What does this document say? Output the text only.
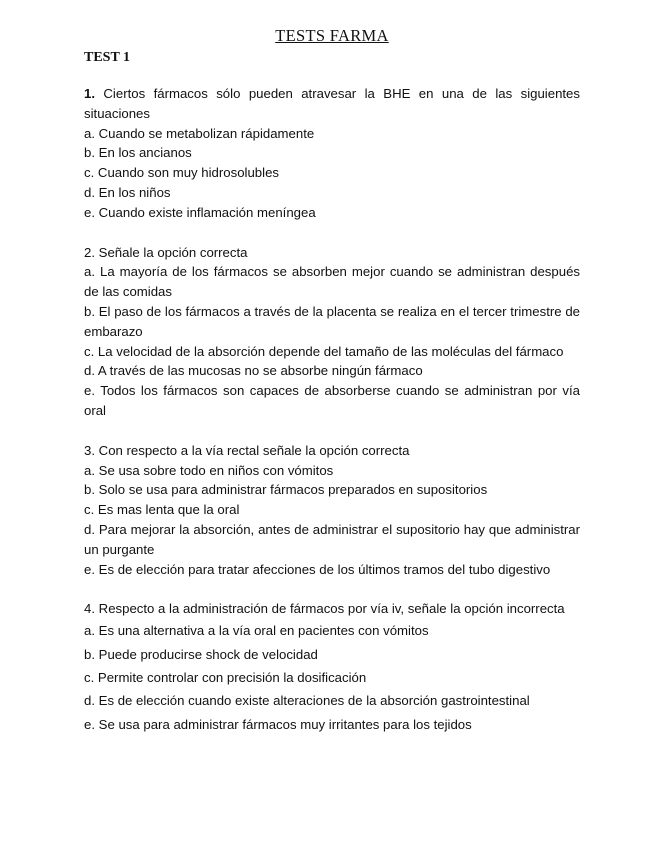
TESTS FARMA
TEST 1
1. Ciertos fármacos sólo pueden atravesar la BHE en una de las siguientes situaciones
a. Cuando se metabolizan rápidamente
b. En los ancianos
c. Cuando son muy hidrosolubles
d. En los niños
e. Cuando existe inflamación meníngea
2. Señale la opción correcta
a. La mayoría de los fármacos se absorben mejor cuando se administran después de las comidas
b. El paso de los fármacos a través de la placenta se realiza en el tercer trimestre de embarazo
c. La velocidad de la absorción depende del tamaño de las moléculas del fármaco
d. A través de las mucosas no se absorbe ningún fármaco
e. Todos los fármacos son capaces de absorberse cuando se administran por vía oral
3. Con respecto a la vía rectal señale la opción correcta
a. Se usa sobre todo en niños con vómitos
b. Solo se usa para administrar fármacos preparados en supositorios
c. Es mas lenta que la oral
d. Para mejorar la absorción, antes de administrar el supositorio hay que administrar un purgante
e. Es de elección para tratar afecciones de los últimos tramos del tubo digestivo
4. Respecto a la administración de fármacos por vía iv, señale la opción incorrecta
a. Es una alternativa a la vía oral en pacientes con vómitos
b. Puede producirse shock de velocidad
c. Permite controlar con precisión la dosificación
d. Es de elección cuando existe alteraciones de la absorción gastrointestinal
e. Se usa para administrar fármacos muy irritantes para los tejidos
